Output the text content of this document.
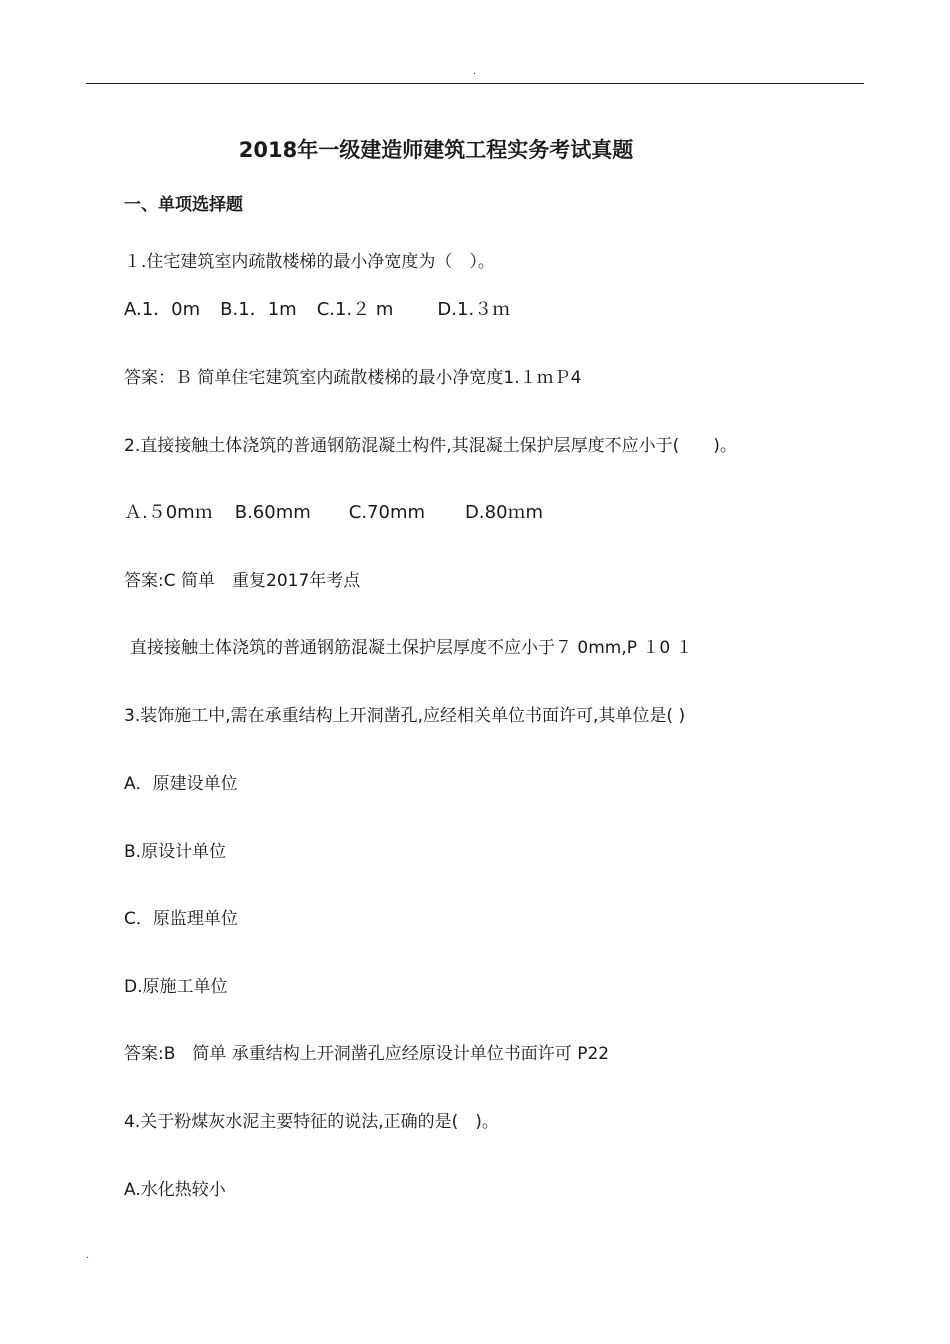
.
2018年一级建造师建筑工程实务考试真题
一、单项选择题
１.住宅建筑室内疏散楼梯的最小净宽度为（　）。
A.1．0m B.1．1m C.1.２ m D.1.３ｍ
答案：Ｂ 简单住宅建筑室内疏散楼梯的最小净宽度1.１ｍＰ4
2.直接接触土体浇筑的普通钢筋混凝土构件,其混凝土保护层厚度不应小于(　　)。
Ａ.５0mｍ B.60mm C.70mm D.80ｍm
答案:C 简单　重复2017年考点
直接接触土体浇筑的普通钢筋混凝土保护层厚度不应小于７ 0mm,P １0 １
3.装饰施工中,需在承重结构上开洞凿孔,应经相关单位书面许可,其单位是( )
A．原建设单位
B.原设计单位
C．原监理单位
D.原施工单位
答案:B　简单 承重结构上开洞凿孔应经原设计单位书面许可 P22
4.关于粉煤灰水泥主要特征的说法,正确的是(　)。
A.水化热较小
.
